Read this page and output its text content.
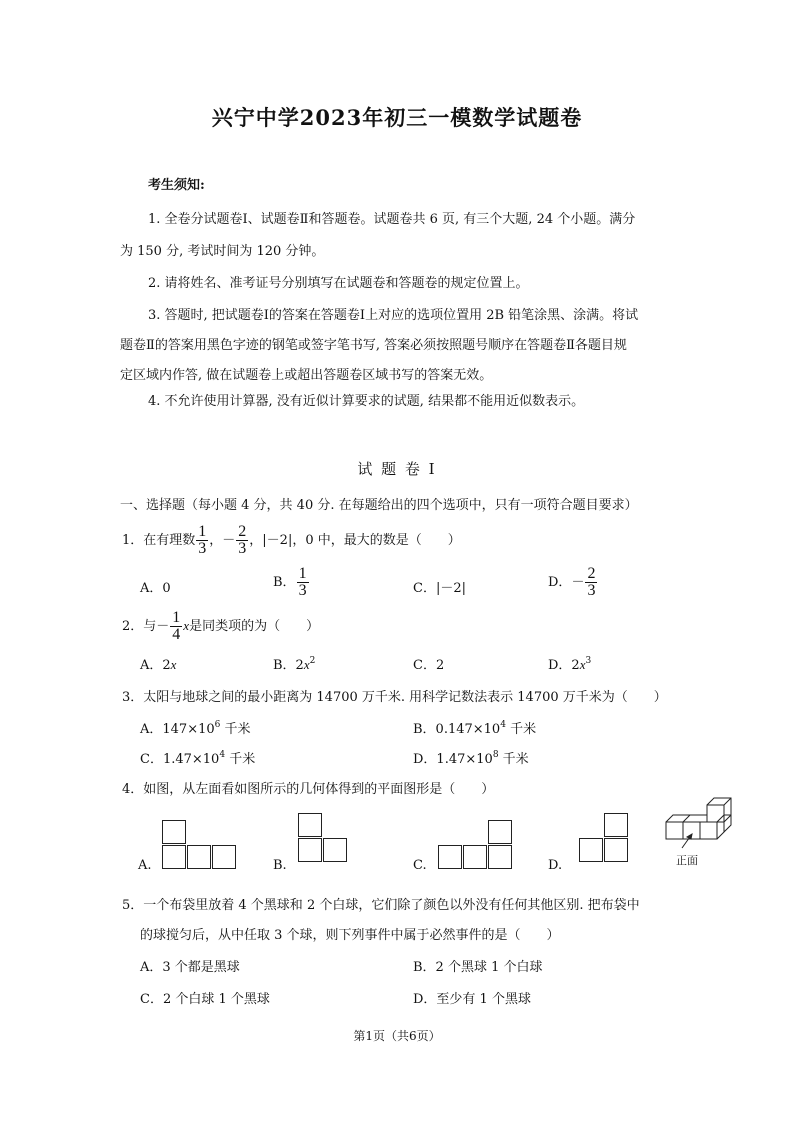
兴宁中学2023年初三一模数学试题卷
考生须知:
1. 全卷分试题卷Ⅰ、试题卷Ⅱ和答题卷。试题卷共 6 页, 有三个大题, 24 个小题。满分
为 150 分, 考试时间为 120 分钟。
2. 请将姓名、准考证号分别填写在试题卷和答题卷的规定位置上。
3. 答题时, 把试题卷Ⅰ的答案在答题卷Ⅰ上对应的选项位置用 2B 铅笔涂黑、涂满。将试
题卷Ⅱ的答案用黑色字迹的钢笔或签字笔书写, 答案必须按照题号顺序在答题卷Ⅱ各题目规
定区域内作答, 做在试题卷上或超出答题卷区域书写的答案无效。
4. 不允许使用计算器, 没有近似计算要求的试题, 结果都不能用近似数表示。
试 题 卷 Ⅰ
一、选择题（每小题 4 分，共 40 分. 在每题给出的四个选项中，只有一项符合题目要求）
1．在有理数 $\frac{1}{3}$ ，－ $\frac{2}{3}$ ，|－2|，0 中，最大的数是（　　）
A．0	B． $\frac{1}{3}$	C．|－2|	D．－ $\frac{2}{3}$
2．与－ $\frac{1}{4}$ x是同类项的为（　　）
A．2x	B．$2x^2$	C．2	D．$2x^3$
3．太阳与地球之间的最小距离为 14700 万千米. 用科学记数法表示 14700 万千米为（　　）
A．$147\times 10^6$ 千米	B．$0.147\times 10^4$ 千米
C．$1.47\times 10^4$ 千米	D．$1.47\times 10^8$ 千米
4．如图，从左面看如图所示的几何体得到的平面图形是（　　）
A.	B.	C.	D.	正面
5．一个布袋里放着 4 个黑球和 2 个白球，它们除了颜色以外没有任何其他区别. 把布袋中
的球搅匀后，从中任取 3 个球，则下列事件中属于必然事件的是（　　）
A．3 个都是黑球	B．2 个黑球 1 个白球
C．2 个白球 1 个黑球	D．至少有 1 个黑球
第1页（共6页）
